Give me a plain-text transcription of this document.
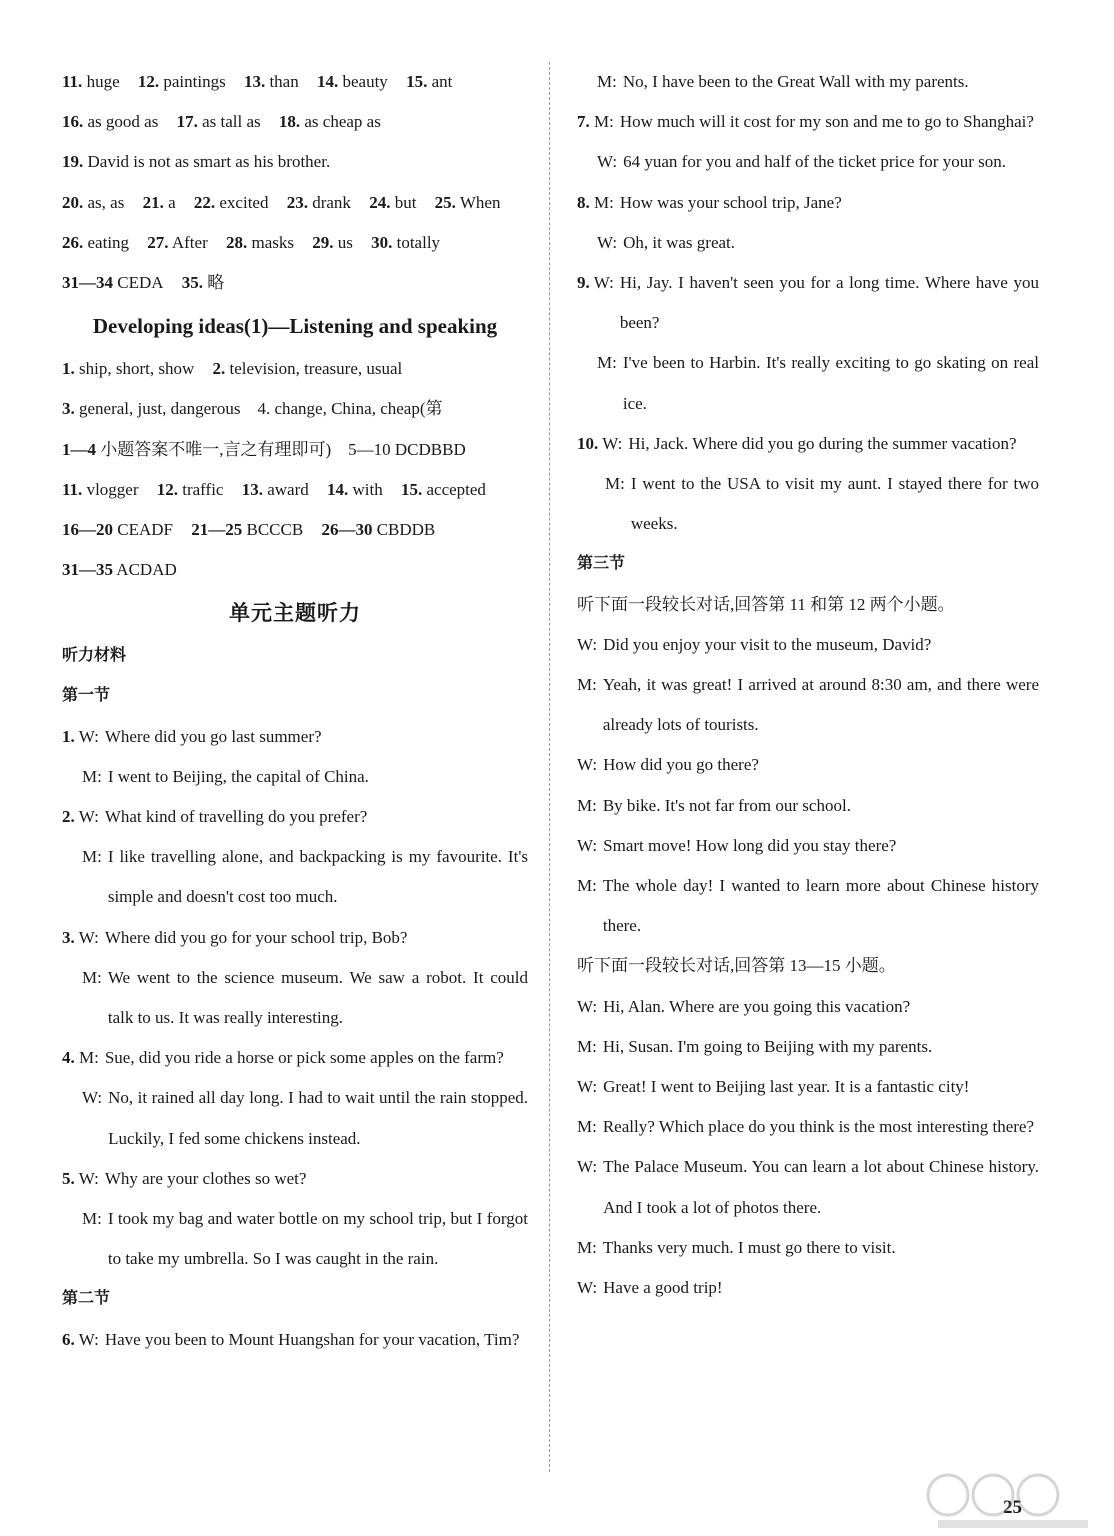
11. huge 12. paintings 13. than 14. beauty 15. ant
16. as good as 17. as tall as 18. as cheap as
19. David is not as smart as his brother.
20. as, as 21. a 22. excited 23. drank 24. but 25. When
26. eating 27. After 28. masks 29. us 30. totally
31—34 CEDA 35. 略
Developing ideas(1)—Listening and speaking
1. ship, short, show 2. television, treasure, usual
3. general, just, dangerous    4. change, China, cheap(第
1—4 小题答案不唯一,言之有理即可)    5—10 DCDBBD
11. vlogger 12. traffic 13. award 14. with 15. accepted
16—20 CEADF 21—25 BCCCB 26—30 CBDDB
31—35 ACDAD
单元主题听力
听力材料
第一节
1. W: Where did you go last summer?
M: I went to Beijing, the capital of China.
2. W: What kind of travelling do you prefer?
M: I like travelling alone, and backpacking is my favourite. It's simple and doesn't cost too much.
3. W: Where did you go for your school trip, Bob?
M: We went to the science museum. We saw a robot. It could talk to us. It was really interesting.
4. M: Sue, did you ride a horse or pick some apples on the farm?
W: No, it rained all day long. I had to wait until the rain stopped. Luckily, I fed some chickens instead.
5. W: Why are your clothes so wet?
M: I took my bag and water bottle on my school trip, but I forgot to take my umbrella. So I was caught in the rain.
第二节
6. W: Have you been to Mount Huangshan for your vacation, Tim?
M: No, I have been to the Great Wall with my parents.
7. M: How much will it cost for my son and me to go to Shanghai?
W: 64 yuan for you and half of the ticket price for your son.
8. M: How was your school trip, Jane?
W: Oh, it was great.
9. W: Hi, Jay. I haven't seen you for a long time. Where have you been?
M: I've been to Harbin. It's really exciting to go skating on real ice.
10. W: Hi, Jack. Where did you go during the summer vacation?
M: I went to the USA to visit my aunt. I stayed there for two weeks.
第三节
听下面一段较长对话,回答第 11 和第 12 两个小题。
W: Did you enjoy your visit to the museum, David?
M: Yeah, it was great! I arrived at around 8:30 am, and there were already lots of tourists.
W: How did you go there?
M: By bike. It's not far from our school.
W: Smart move! How long did you stay there?
M: The whole day! I wanted to learn more about Chinese history there.
听下面一段较长对话,回答第 13—15 小题。
W: Hi, Alan. Where are you going this vacation?
M: Hi, Susan. I'm going to Beijing with my parents.
W: Great! I went to Beijing last year. It is a fantastic city!
M: Really? Which place do you think is the most interesting there?
W: The Palace Museum. You can learn a lot about Chinese history. And I took a lot of photos there.
M: Thanks very much. I must go there to visit.
W: Have a good trip!
25
